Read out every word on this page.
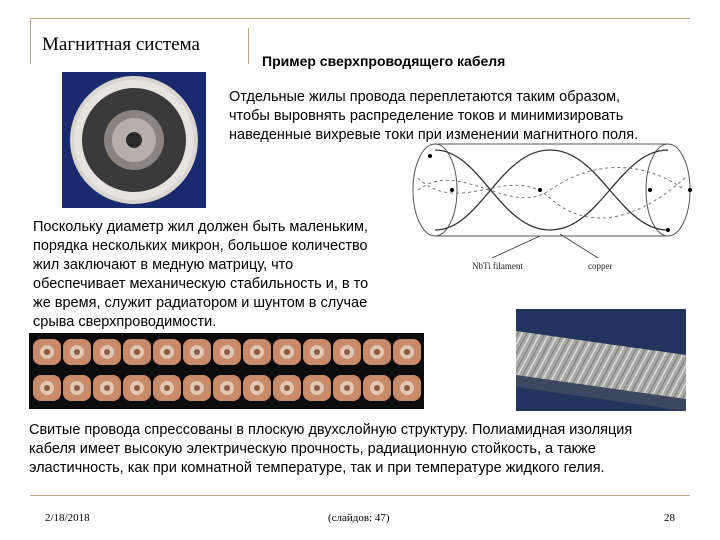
Магнитная система
Пример сверхпроводящего кабеля
Отдельные жилы провода переплетаются таким образом,
чтобы выровнять распределение токов и минимизировать
наведенные вихревые токи при изменении магнитного поля.
NbTi filament	copper
Поскольку диаметр жил должен быть маленьким,
порядка нескольких микрон, большое количество
жил заключают в медную матрицу, что
обеспечивает механическую стабильность и, в то
же время, служит радиатором и шунтом в случае
срыва сверхпроводимости.
Свитые провода спрессованы в плоскую двухслойную структуру. Полиамидная изоляция
кабеля имеет высокую электрическую прочность, радиационную стойкость, а также
эластичность, как при комнатной температуре, так и при температуре жидкого гелия.
2/18/2018	(слайдов: 47)	28
